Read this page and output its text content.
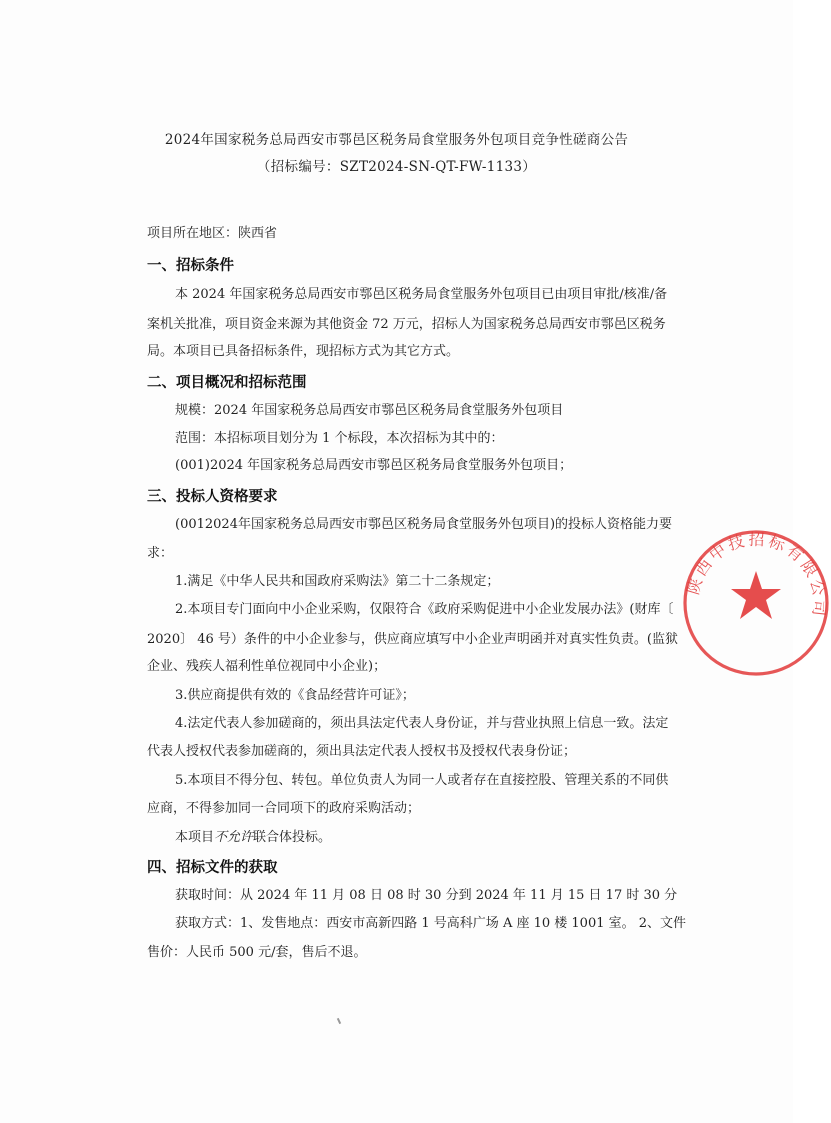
2024年国家税务总局西安市鄠邑区税务局食堂服务外包项目竞争性磋商公告
（招标编号：SZT2024-SN-QT-FW-1133）
项目所在地区：陕西省
一、招标条件
本 2024 年国家税务总局西安市鄠邑区税务局食堂服务外包项目已由项目审批/核准/备
案机关批准，项目资金来源为其他资金 72 万元，招标人为国家税务总局西安市鄠邑区税务
局。本项目已具备招标条件，现招标方式为其它方式。
二、项目概况和招标范围
规模：2024 年国家税务总局西安市鄠邑区税务局食堂服务外包项目
范围：本招标项目划分为 1 个标段，本次招标为其中的：
(001)2024 年国家税务总局西安市鄠邑区税务局食堂服务外包项目；
三、投标人资格要求
(0012024年国家税务总局西安市鄠邑区税务局食堂服务外包项目)的投标人资格能力要
求：
1.满足《中华人民共和国政府采购法》第二十二条规定；
2.本项目专门面向中小企业采购，仅限符合《政府采购促进中小企业发展办法》(财库〔
2020〕 46 号）条件的中小企业参与，供应商应填写中小企业声明函并对真实性负责。(监狱
企业、残疾人福利性单位视同中小企业)；
3.供应商提供有效的《食品经营许可证》；
4.法定代表人参加磋商的，须出具法定代表人身份证，并与营业执照上信息一致。法定
代表人授权代表参加磋商的，须出具法定代表人授权书及授权代表身份证；
5.本项目不得分包、转包。单位负责人为同一人或者存在直接控股、管理关系的不同供
应商，不得参加同一合同项下的政府采购活动；
本项目不允许联合体投标。
四、招标文件的获取
获取时间：从 2024 年 11 月 08 日 08 时 30 分到 2024 年 11 月 15 日 17 时 30 分
获取方式：1、发售地点：西安市高新四路 1 号高科广场 A 座 10 楼 1001 室。 2、文件
售价：人民币 500 元/套，售后不退。
陕西中技招标有限公司
